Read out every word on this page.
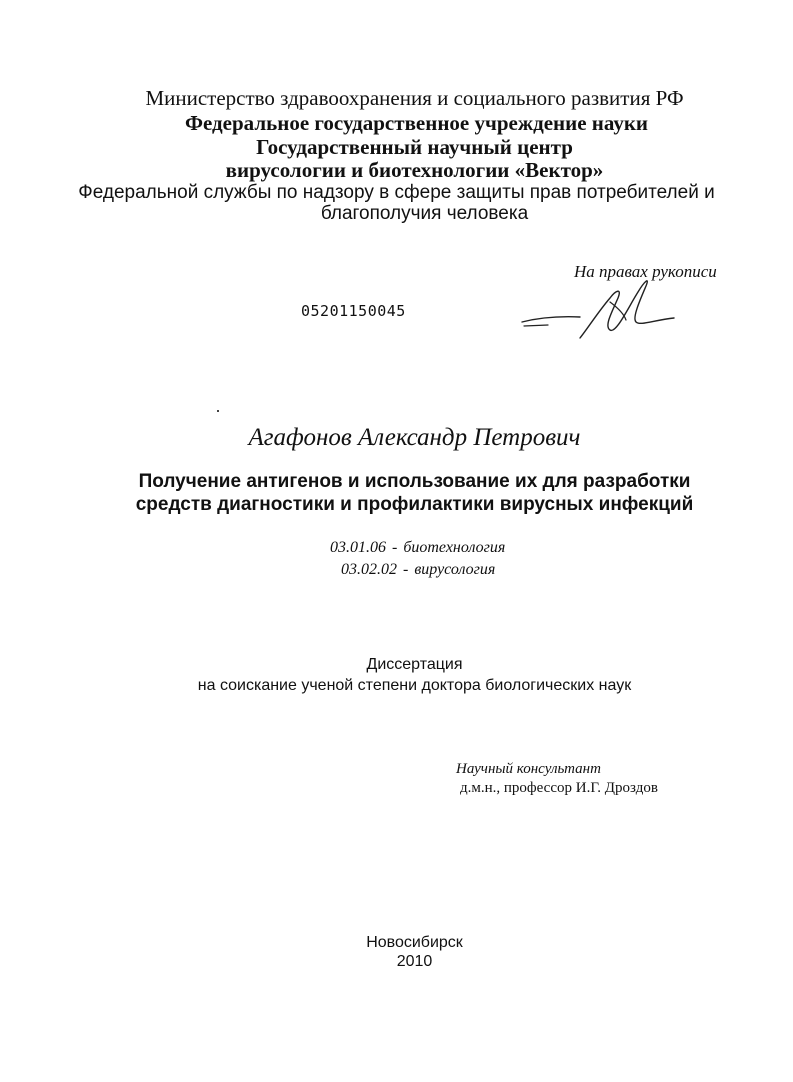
Министерство здравоохранения и социального развития РФ
Федеральное государственное учреждение науки
Государственный научный центр
вирусологии и биотехнологии «Вектор»
Федеральной службы по надзору в сфере защиты прав потребителей и
благополучия человека
На правах рукописи
05201150045
Агафонов Александр Петрович
Получение антигенов и использование их для разработки
средств диагностики и профилактики вирусных инфекций
03.01.06 - биотехнология
03.02.02 - вирусология
Диссертация
на соискание ученой степени доктора биологических наук
Научный консультант
д.м.н., профессор И.Г. Дроздов
Новосибирск
2010
